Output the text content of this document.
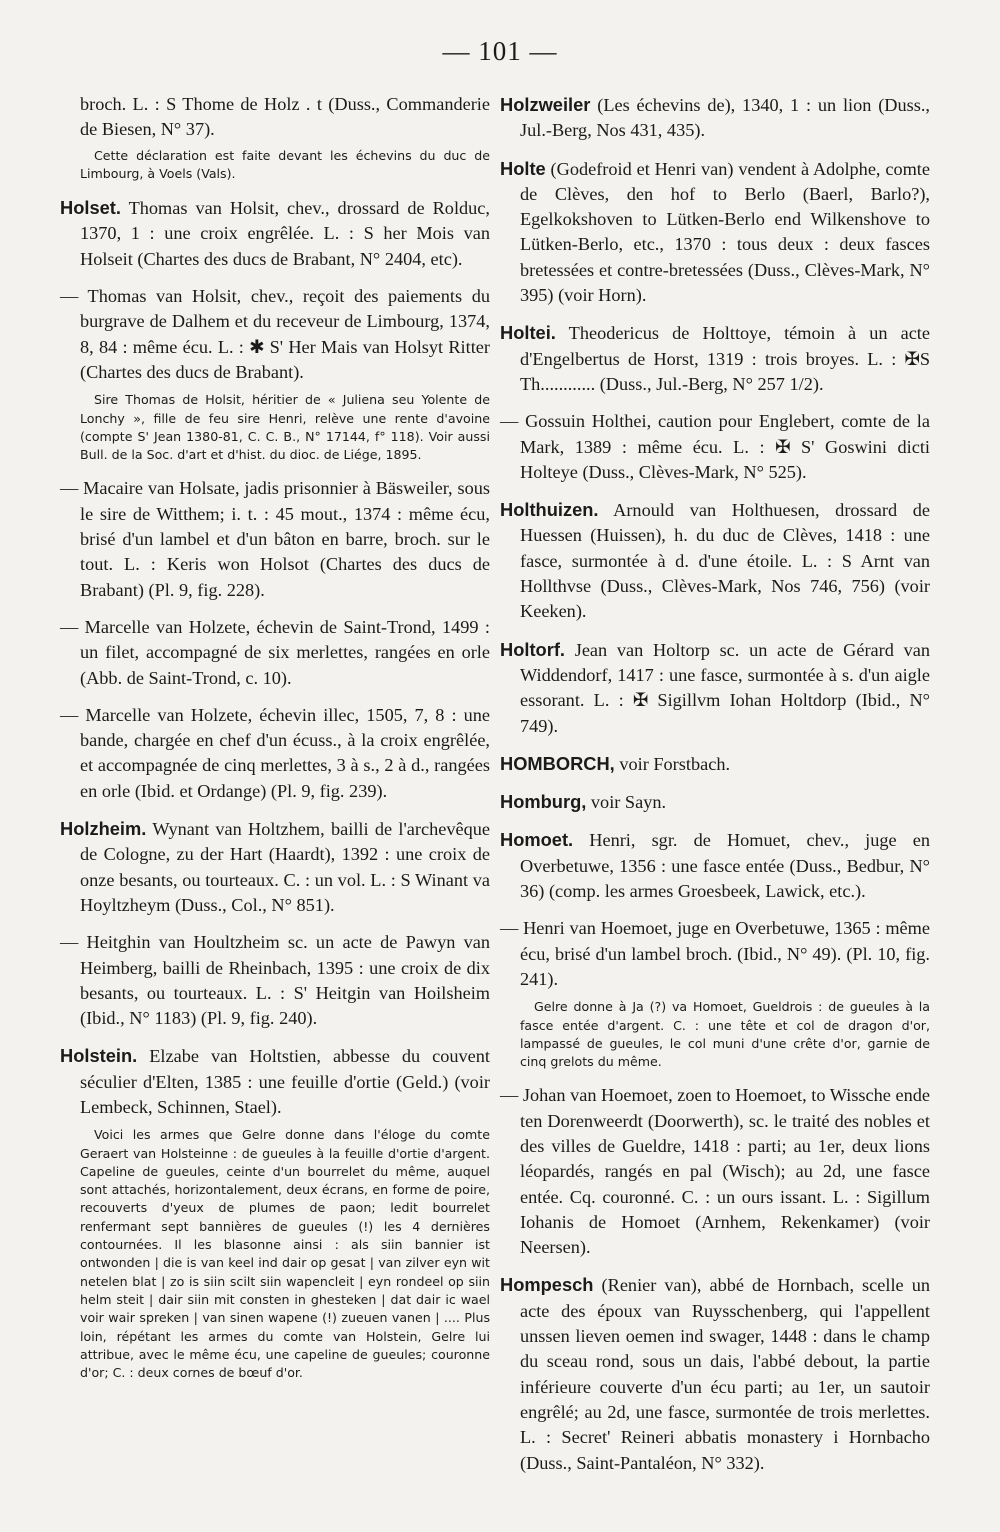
— 101 —

broch. L. : S Thome de Holz . t (Duss., Commanderie de Biesen, N° 37).

Cette déclaration est faite devant les échevins du duc de Limbourg, à Voels (Vals).

Holset. Thomas van Holsit, chev., drossard de Rolduc, 1370, 1 : une croix engrêlée. L. : S her Mois van Holseit (Chartes des ducs de Brabant, N° 2404, etc).

— Thomas van Holsit, chev., reçoit des paiements du burgrave de Dalhem et du receveur de Limbourg, 1374, 8, 84 : même écu. L. : ✱ S' Her Mais van Holsyt Ritter (Chartes des ducs de Brabant).

Sire Thomas de Holsit, héritier de « Juliena seu Yolente de Lonchy », fille de feu sire Henri, relève une rente d'avoine (compte S' Jean 1380-81, C. C. B., N° 17144, f° 118). Voir aussi Bull. de la Soc. d'art et d'hist. du dioc. de Liége, 1895.

— Macaire van Holsate, jadis prisonnier à Bäsweiler, sous le sire de Witthem; i. t. : 45 mout., 1374 : même écu, brisé d'un lambel et d'un bâton en barre, broch. sur le tout. L. : Keris won Holsot (Chartes des ducs de Brabant) (Pl. 9, fig. 228).

— Marcelle van Holzete, échevin de Saint-Trond, 1499 : un filet, accompagné de six merlettes, rangées en orle (Abb. de Saint-Trond, c. 10).

— Marcelle van Holzete, échevin illec, 1505, 7, 8 : une bande, chargée en chef d'un écuss., à la croix engrêlée, et accompagnée de cinq merlettes, 3 à s., 2 à d., rangées en orle (Ibid. et Ordange) (Pl. 9, fig. 239).

Holzheim. Wynant van Holtzhem, bailli de l'archevêque de Cologne, zu der Hart (Haardt), 1392 : une croix de onze besants, ou tourteaux. C. : un vol. L. : S Winant va Hoyltzheym (Duss., Col., N° 851).

— Heitghin van Houltzheim sc. un acte de Pawyn van Heimberg, bailli de Rheinbach, 1395 : une croix de dix besants, ou tourteaux. L. : S' Heitgin van Hoilsheim (Ibid., N° 1183) (Pl. 9, fig. 240).

Holstein. Elzabe van Holtstien, abbesse du couvent séculier d'Elten, 1385 : une feuille d'ortie (Geld.) (voir Lembeck, Schinnen, Stael).

Voici les armes que Gelre donne dans l'éloge du comte Geraert van Holsteinne : de gueules à la feuille d'ortie d'argent. Capeline de gueules, ceinte d'un bourrelet du même, auquel sont attachés, horizontalement, deux écrans, en forme de poire, recouverts d'yeux de plumes de paon; ledit bourrelet renfermant sept bannières de gueules (!) les 4 dernières contournées. Il les blasonne ainsi : als siin bannier ist ontwonden | die is van keel ind dair op gesat | van zilver eyn wit netelen blat | zo is siin scilt siin wapencleit | eyn rondeel op siin helm steit | dair siin mit consten in ghesteken | dat dair ic wael voir wair spreken | van sinen wapene (!) zueuen vanen | .... Plus loin, répétant les armes du comte van Holstein, Gelre lui attribue, avec le même écu, une capeline de gueules; couronne d'or; C. : deux cornes de bœuf d'or.

Holzweiler (Les échevins de), 1340, 1 : un lion (Duss., Jul.-Berg, Nos 431, 435).

Holte (Godefroid et Henri van) vendent à Adolphe, comte de Clèves, den hof to Berlo (Baerl, Barlo?), Egelkokshoven to Lütken-Berlo end Wilkenshove to Lütken-Berlo, etc., 1370 : tous deux : deux fasces bretessées et contre-bretessées (Duss., Clèves-Mark, N° 395) (voir Horn).

Holtei. Theodericus de Holttoye, témoin à un acte d'Engelbertus de Horst, 1319 : trois broyes. L. : ✠S Th............ (Duss., Jul.-Berg, N° 257 1/2).

— Gossuin Holthei, caution pour Englebert, comte de la Mark, 1389 : même écu. L. : ✠ S' Goswini dicti Holteye (Duss., Clèves-Mark, N° 525).

Holthuizen. Arnould van Holthuesen, drossard de Huessen (Huissen), h. du duc de Clèves, 1418 : une fasce, surmontée à d. d'une étoile. L. : S Arnt van Hollthvse (Duss., Clèves-Mark, Nos 746, 756) (voir Keeken).

Holtorf. Jean van Holtorp sc. un acte de Gérard van Widdendorf, 1417 : une fasce, surmontée à s. d'un aigle essorant. L. : ✠ Sigillvm Iohan Holtdorp (Ibid., N° 749).

HOMBORCH, voir Forstbach.

Homburg, voir Sayn.

Homoet. Henri, sgr. de Homuet, chev., juge en Overbetuwe, 1356 : une fasce entée (Duss., Bedbur, N° 36) (comp. les armes Groesbeek, Lawick, etc.).

— Henri van Hoemoet, juge en Overbetuwe, 1365 : même écu, brisé d'un lambel broch. (Ibid., N° 49). (Pl. 10, fig. 241).

Gelre donne à Ja (?) va Homoet, Gueldrois : de gueules à la fasce entée d'argent. C. : une tête et col de dragon d'or, lampassé de gueules, le col muni d'une crête d'or, garnie de cinq grelots du même.

— Johan van Hoemoet, zoen to Hoemoet, to Wissche ende ten Dorenweerdt (Doorwerth), sc. le traité des nobles et des villes de Gueldre, 1418 : parti; au 1er, deux lions léopardés, rangés en pal (Wisch); au 2d, une fasce entée. Cq. couronné. C. : un ours issant. L. : Sigillum Iohanis de Homoet (Arnhem, Rekenkamer) (voir Neersen).

Hompesch (Renier van), abbé de Hornbach, scelle un acte des époux van Ruysschenberg, qui l'appellent unssen lieven oemen ind swager, 1448 : dans le champ du sceau rond, sous un dais, l'abbé debout, la partie inférieure couverte d'un écu parti; au 1er, un sautoir engrêlé; au 2d, une fasce, surmontée de trois merlettes. L. : Secret' Reineri abbatis monastery i Hornbacho (Duss., Saint-Pantaléon, N° 332).
